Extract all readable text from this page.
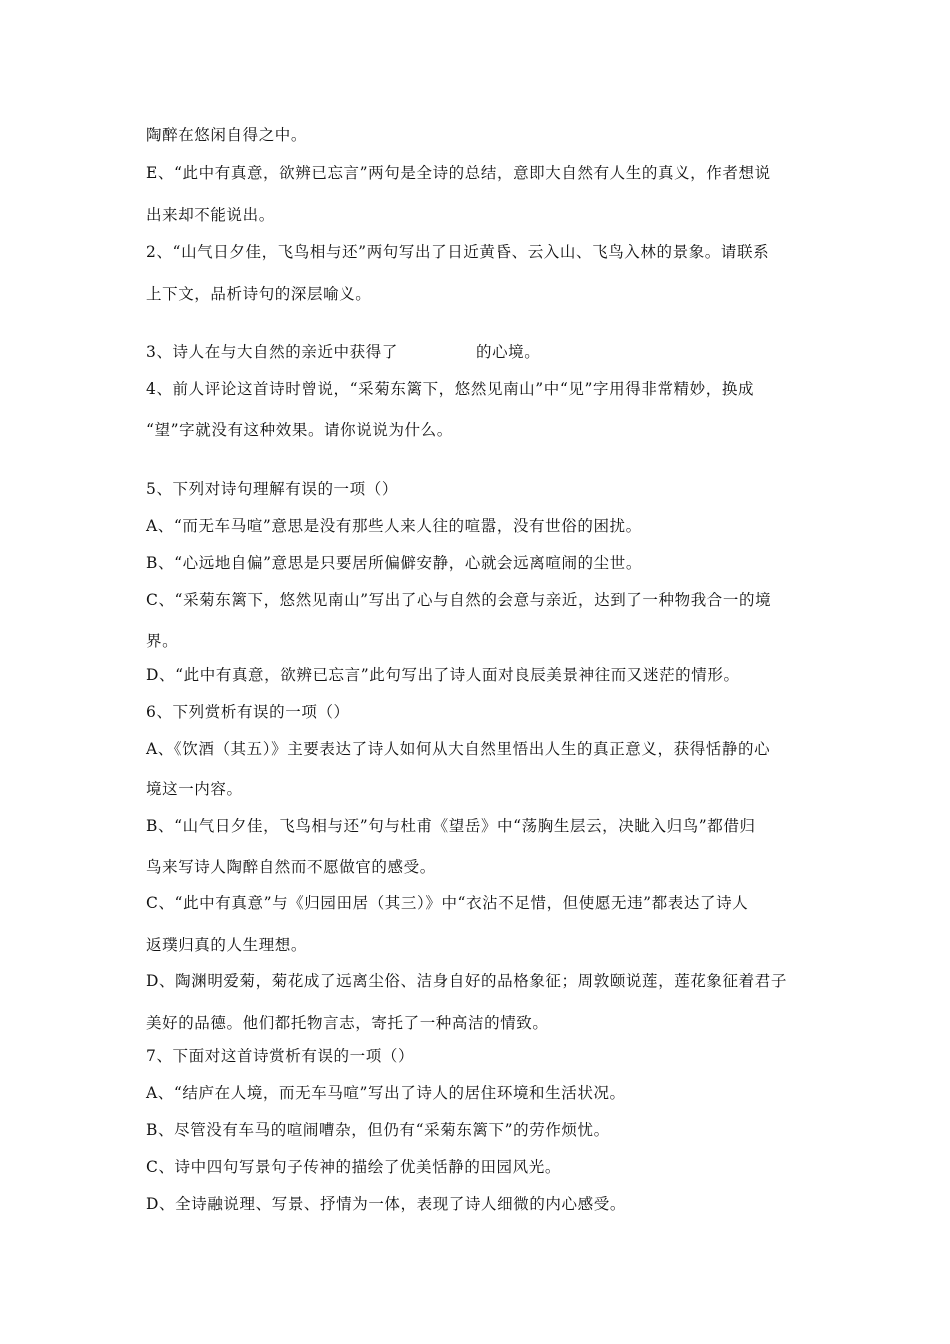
陶醉在悠闲自得之中。
E、“此中有真意，欲辨已忘言”两句是全诗的总结，意即大自然有人生的真义，作者想说
出来却不能说出。
2、“山气日夕佳，飞鸟相与还”两句写出了日近黄昏、云入山、飞鸟入林的景象。请联系
上下文，品析诗句的深层喻义。
3、诗人在与大自然的亲近中获得了	的心境。
4、前人评论这首诗时曾说，“采菊东篱下，悠然见南山”中“见”字用得非常精妙，换成
“望”字就没有这种效果。请你说说为什么。
5、下列对诗句理解有误的一项（）
A、“而无车马喧”意思是没有那些人来人往的喧嚣，没有世俗的困扰。
B、“心远地自偏”意思是只要居所偏僻安静，心就会远离喧闹的尘世。
C、“采菊东篱下，悠然见南山”写出了心与自然的会意与亲近，达到了一种物我合一的境
界。
D、“此中有真意，欲辨已忘言”此句写出了诗人面对良辰美景神往而又迷茫的情形。
6、下列赏析有误的一项（）
A、《饮酒（其五）》主要表达了诗人如何从大自然里悟出人生的真正意义，获得恬静的心
境这一内容。
B、“山气日夕佳，飞鸟相与还”句与杜甫《望岳》中“荡胸生层云，决眦入归鸟”都借归
鸟来写诗人陶醉自然而不愿做官的感受。
C、“此中有真意”与《归园田居（其三）》中“衣沾不足惜，但使愿无违”都表达了诗人
返璞归真的人生理想。
D、陶渊明爱菊，菊花成了远离尘俗、洁身自好的品格象征；周敦颐说莲，莲花象征着君子
美好的品德。他们都托物言志，寄托了一种高洁的情致。
7、下面对这首诗赏析有误的一项（）
A、“结庐在人境，而无车马喧”写出了诗人的居住环境和生活状况。
B、尽管没有车马的喧闹嘈杂，但仍有“采菊东篱下”的劳作烦忧。
C、诗中四句写景句子传神的描绘了优美恬静的田园风光。
D、全诗融说理、写景、抒情为一体，表现了诗人细微的内心感受。
